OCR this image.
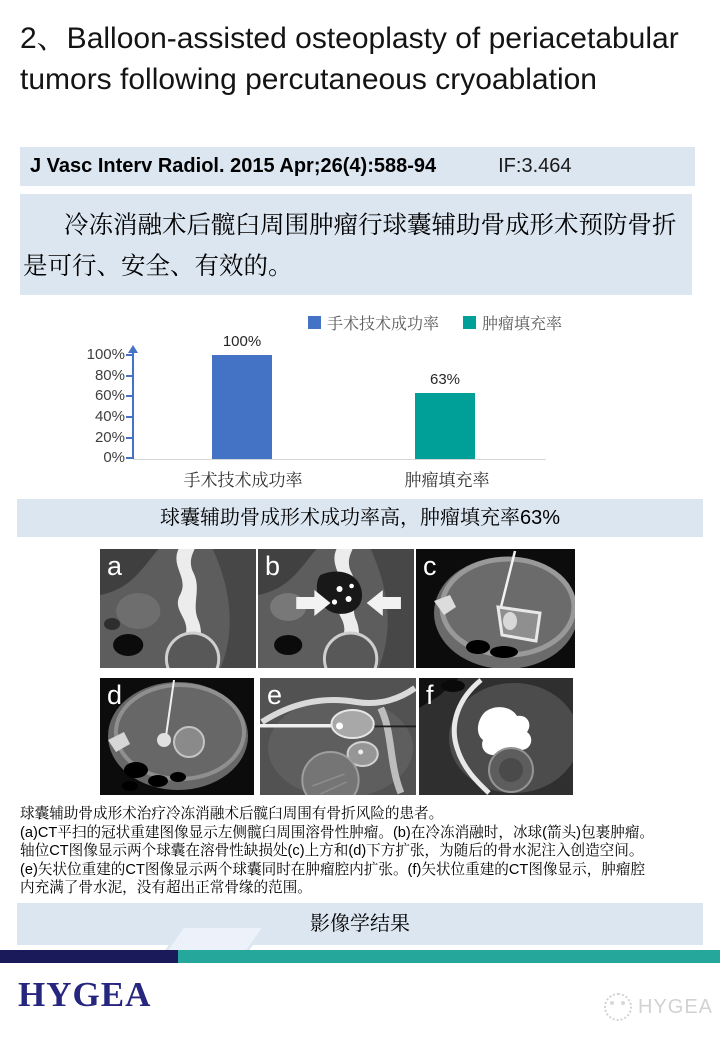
2、Balloon-assisted osteoplasty of periacetabular
tumors following percutaneous cryoablation
J Vasc Interv Radiol. 2015 Apr;26(4):588-94	IF:3.464
冷冻消融术后髋臼周围肿瘤行球囊辅助骨成形术预防骨折
是可行、安全、有效的。
手术技术成功率	肿瘤填充率
100%
80%
60%
40%
20%
0%
100%
63%
手术技术成功率	肿瘤填充率
球囊辅助骨成形术成功率高，肿瘤填充率63%
a	b	c
d	e	f
球囊辅助骨成形术治疗冷冻消融术后髋臼周围有骨折风险的患者。
(a)CT平扫的冠状重建图像显示左侧髋臼周围溶骨性肿瘤。(b)在冷冻消融时，冰球(箭头)包裹肿瘤。
轴位CT图像显示两个球囊在溶骨性缺损处(c)上方和(d)下方扩张，为随后的骨水泥注入创造空间。
(e)矢状位重建的CT图像显示两个球囊同时在肿瘤腔内扩张。(f)矢状位重建的CT图像显示，肿瘤腔
内充满了骨水泥，没有超出正常骨缘的范围。
影像学结果
HYGEA	HYGEA
